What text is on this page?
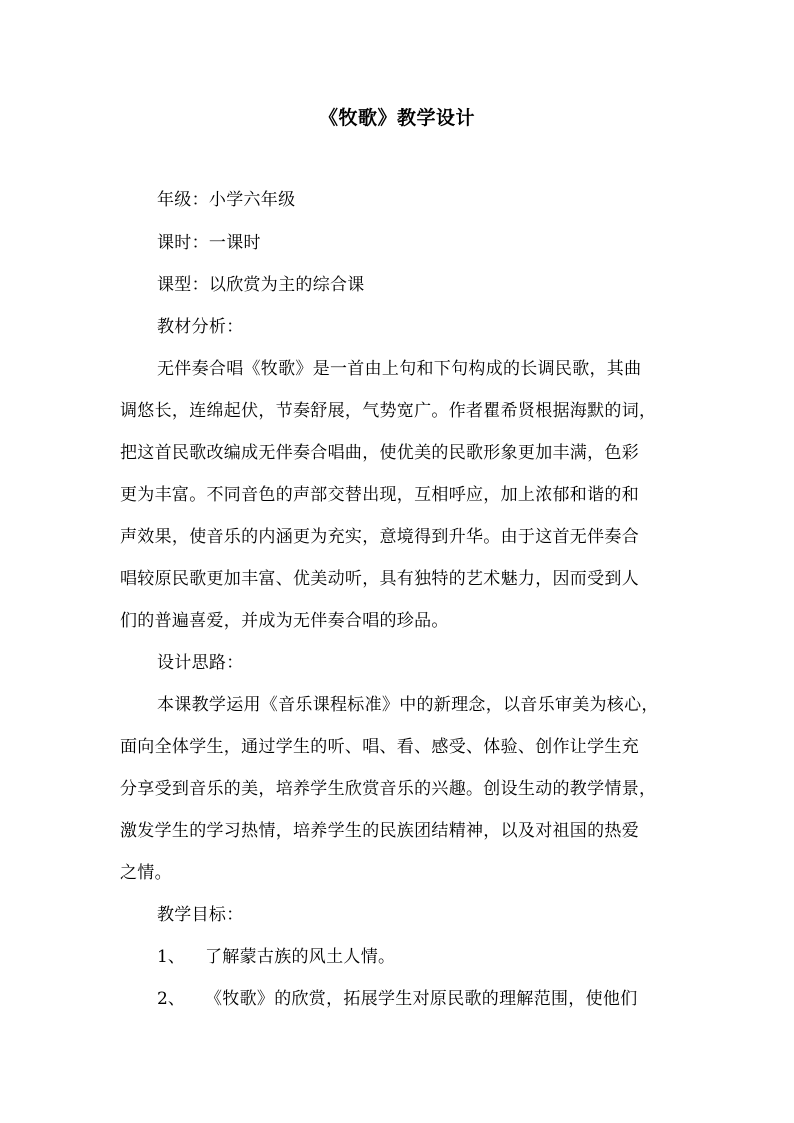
《牧歌》教学设计
年级：小学六年级
课时：一课时
课型：以欣赏为主的综合课
教材分析：
无伴奏合唱《牧歌》是一首由上句和下句构成的长调民歌，其曲
调悠长，连绵起伏，节奏舒展，气势宽广。作者瞿希贤根据海默的词，
把这首民歌改编成无伴奏合唱曲，使优美的民歌形象更加丰满，色彩
更为丰富。不同音色的声部交替出现，互相呼应，加上浓郁和谐的和
声效果，使音乐的内涵更为充实，意境得到升华。由于这首无伴奏合
唱较原民歌更加丰富、优美动听，具有独特的艺术魅力，因而受到人
们的普遍喜爱，并成为无伴奏合唱的珍品。
设计思路：
本课教学运用《音乐课程标准》中的新理念，以音乐审美为核心，
面向全体学生，通过学生的听、唱、看、感受、体验、创作让学生充
分享受到音乐的美，培养学生欣赏音乐的兴趣。创设生动的教学情景，
激发学生的学习热情，培养学生的民族团结精神，以及对祖国的热爱
之情。
教学目标：
1、 了解蒙古族的风土人情。
2、 《牧歌》的欣赏，拓展学生对原民歌的理解范围，使他们
